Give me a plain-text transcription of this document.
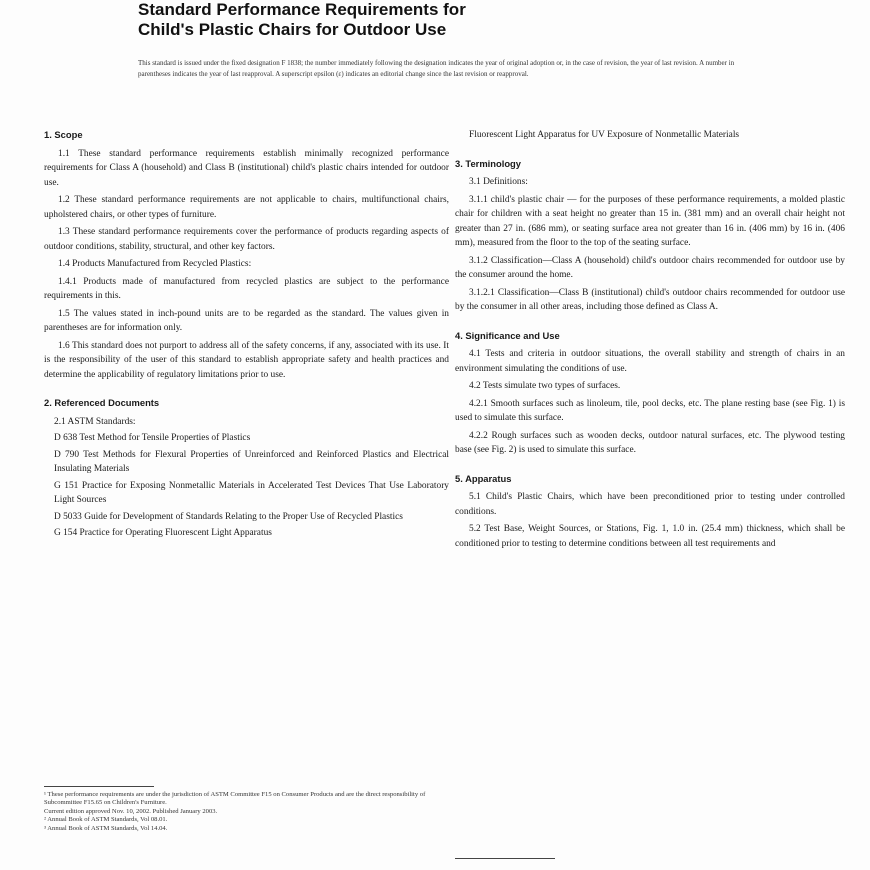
Standard Performance Requirements for
Child's Plastic Chairs for Outdoor Use
This standard is issued under the fixed designation F 1838; the number immediately following the designation indicates the year of original adoption or, in the case of revision, the year of last revision. A number in parentheses indicates the year of last reapproval. A superscript epsilon (ε) indicates an editorial change since the last revision or reapproval.
1. Scope
1.1 These standard performance requirements establish minimally recognized performance requirements for Class A (household) and Class B (institutional) child's plastic chairs intended for outdoor use.
1.2 These standard performance requirements are not applicable to chairs, multifunctional chairs, upholstered chairs, or other types of furniture.
1.3 These standard performance requirements cover the performance of products regarding aspects of outdoor conditions, stability, structural, and other key factors.
1.4 Products Manufactured from Recycled Plastics:
1.4.1 Products made of manufactured from recycled plastics are subject to the performance requirements in this.
1.5 The values stated in inch-pound units are to be regarded as the standard. The values given in parentheses are for information only.
1.6 This standard does not purport to address all of the safety concerns, if any, associated with its use. It is the responsibility of the user of this standard to establish appropriate safety and health practices and determine the applicability of regulatory limitations prior to use.
2. Referenced Documents
2.1 ASTM Standards:
D 638 Test Method for Tensile Properties of Plastics
D 790 Test Methods for Flexural Properties of Unreinforced and Reinforced Plastics and Electrical Insulating Materials
G 151 Practice for Exposing Nonmetallic Materials in Accelerated Test Devices That Use Laboratory Light Sources
D 5033 Guide for Development of Standards Relating to the Proper Use of Recycled Plastics
G 154 Practice for Operating Fluorescent Light Apparatus
Fluorescent Light Apparatus for UV Exposure of Nonmetallic Materials
3. Terminology
3.1 Definitions:
3.1.1 child's plastic chair — for the purposes of these performance requirements, a molded plastic chair for children with a seat height no greater than 15 in. (381 mm) and an overall chair height not greater than 27 in. (686 mm), or seating surface area not greater than 16 in. (406 mm) by 16 in. (406 mm), measured from the floor to the top of the seating surface.
3.1.2 Classification—Class A (household) child's outdoor chairs recommended for outdoor use by the consumer around the home.
3.1.2.1 Classification—Class B (institutional) child's outdoor chairs recommended for outdoor use by the consumer in all other areas, including those defined as Class A.
4. Significance and Use
4.1 Tests and criteria in outdoor situations, the overall stability and strength of chairs in an environment simulating the conditions of use.
4.2 Tests simulate two types of surfaces.
4.2.1 Smooth surfaces such as linoleum, tile, pool decks, etc. The plane resting base (see Fig. 1) is used to simulate this surface.
4.2.2 Rough surfaces such as wooden decks, outdoor natural surfaces, etc. The plywood testing base (see Fig. 2) is used to simulate this surface.
5. Apparatus
5.1 Child's Plastic Chairs, which have been preconditioned prior to testing under controlled conditions.
5.2 Test Base, Weight Sources, or Stations, Fig. 1, 1.0 in. (25.4 mm) thickness, which shall be conditioned prior to testing to determine conditions between all test requirements and
¹ These performance requirements are under the jurisdiction of ASTM Committee F15 on Consumer Products and are the direct responsibility of Subcommittee F15.65 on Children's Furniture.
Current edition approved Nov. 10, 2002. Published January 2003.
² Annual Book of ASTM Standards, Vol 08.01.
³ Annual Book of ASTM Standards, Vol 14.04.
